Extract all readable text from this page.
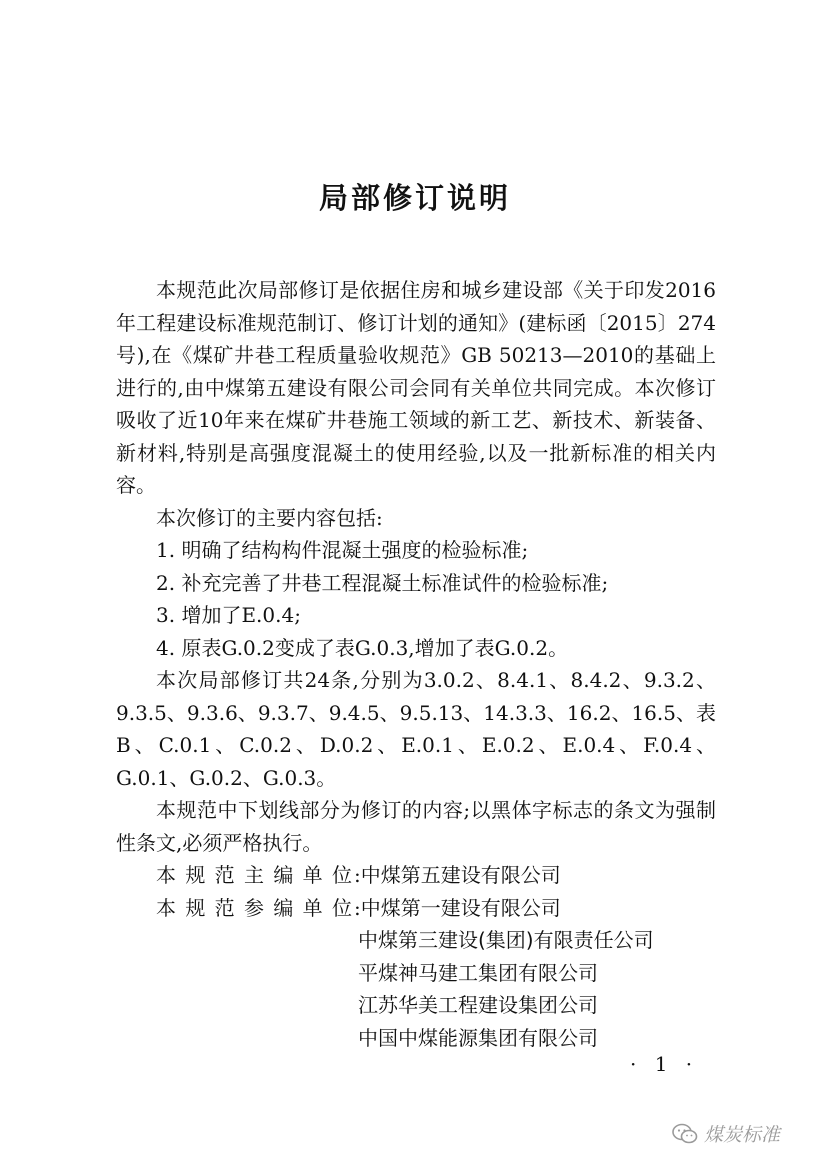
局部修订说明

本规范此次局部修订是依据住房和城乡建设部《关于印发2016年工程建设标准规范制订、修订计划的通知》(建标函〔2015〕274号),在《煤矿井巷工程质量验收规范》GB 50213—2010的基础上进行的,由中煤第五建设有限公司会同有关单位共同完成。本次修订吸收了近10年来在煤矿井巷施工领域的新工艺、新技术、新装备、新材料,特别是高强度混凝土的使用经验,以及一批新标准的相关内容。

本次修订的主要内容包括:

1. 明确了结构构件混凝土强度的检验标准;

2. 补充完善了井巷工程混凝土标准试件的检验标准;

3. 增加了E.0.4;

4. 原表G.0.2变成了表G.0.3,增加了表G.0.2。

本次局部修订共24条,分别为3.0.2、8.4.1、8.4.2、9.3.2、9.3.5、9.3.6、9.3.7、9.4.5、9.5.13、14.3.3、16.2、16.5、表B、C.0.1、C.0.2、D.0.2、E.0.1、E.0.2、E.0.4、F.0.4、G.0.1、G.0.2、G.0.3。

本规范中下划线部分为修订的内容;以黑体字标志的条文为强制性条文,必须严格执行。

本规范主编单位 : 中煤第五建设有限公司

本规范参编单位 : 中煤第一建设有限公司

中煤第三建设(集团)有限责任公司

平煤神马建工集团有限公司

江苏华美工程建设集团公司

中国中煤能源集团有限公司

· 1 ·
煤炭标准
